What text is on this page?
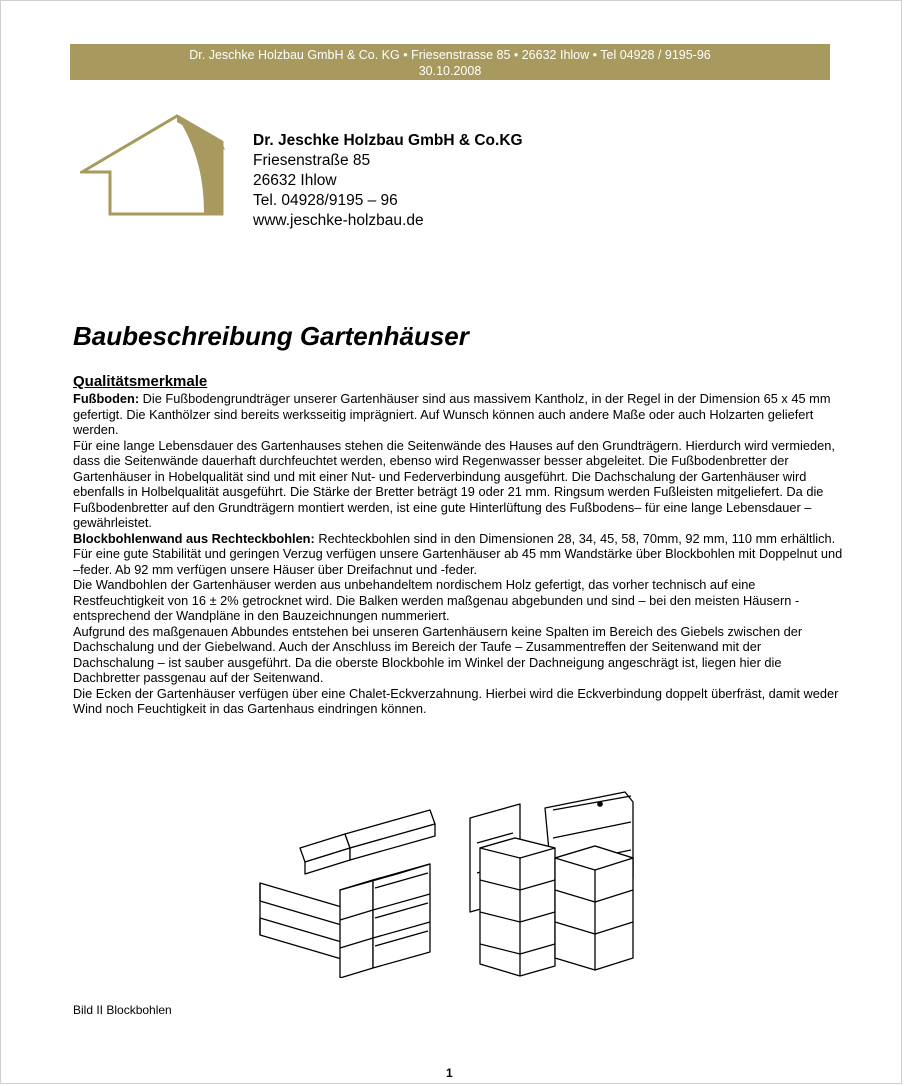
Dr. Jeschke Holzbau GmbH & Co. KG • Friesenstrasse 85 • 26632 Ihlow • Tel 04928 / 9195-96
30.10.2008
Dr. Jeschke Holzbau GmbH & Co.KG
Friesenstraße 85
26632 Ihlow
Tel. 04928/9195 – 96
www.jeschke-holzbau.de
Baubeschreibung Gartenhäuser
Qualitätsmerkmale

Fußboden: Die Fußbodengrundträger unserer Gartenhäuser sind aus massivem Kantholz, in der Regel in der Dimension 65 x 45 mm gefertigt. Die Kanthölzer sind bereits werksseitig imprägniert. Auf Wunsch können auch andere Maße oder auch Holzarten geliefert werden.

Für eine lange Lebensdauer des Gartenhauses stehen die Seitenwände des Hauses auf den Grundträgern. Hierdurch wird vermieden, dass die Seitenwände dauerhaft durchfeuchtet werden, ebenso wird Regenwasser besser abgeleitet. Die Fußbodenbretter der Gartenhäuser in Hobelqualität sind und mit einer Nut- und Federverbindung ausgeführt. Die Dachschalung der Gartenhäuser wird ebenfalls in Holbelqualität ausgeführt. Die Stärke der Bretter beträgt 19 oder 21 mm. Ringsum werden Fußleisten mitgeliefert. Da die Fußbodenbretter auf den Grundträgern montiert werden, ist eine gute Hinterlüftung des Fußbodens– für eine lange Lebensdauer – gewährleistet.

Blockbohlenwand aus Rechteckbohlen: Rechteckbohlen sind in den Dimensionen 28, 34, 45, 58, 70mm, 92 mm, 110 mm erhältlich. Für eine gute Stabilität und geringen Verzug verfügen unsere Gartenhäuser ab 45 mm Wandstärke über Blockbohlen mit Doppelnut und –feder. Ab 92 mm verfügen unsere Häuser über Dreifachnut und -feder.

Die Wandbohlen der Gartenhäuser werden aus unbehandeltem nordischem Holz gefertigt, das vorher technisch auf eine Restfeuchtigkeit von 16 ± 2% getrocknet wird. Die Balken werden maßgenau abgebunden und sind – bei den meisten Häusern - entsprechend der Wandpläne in den Bauzeichnungen nummeriert.

Aufgrund des maßgenauen Abbundes entstehen bei unseren Gartenhäusern keine Spalten im Bereich des Giebels zwischen der Dachschalung und der Giebelwand. Auch der Anschluss im Bereich der Taufe – Zusammentreffen der Seitenwand mit der Dachschalung – ist sauber ausgeführt. Da die oberste Blockbohle im Winkel der Dachneigung angeschrägt ist, liegen hier die Dachbretter passgenau auf der Seitenwand.

Die Ecken der Gartenhäuser verfügen über eine Chalet-Eckverzahnung. Hierbei wird die Eckverbindung doppelt überfräst, damit weder Wind noch Feuchtigkeit in das Gartenhaus eindringen können.

Bild II Blockbohlen
1
